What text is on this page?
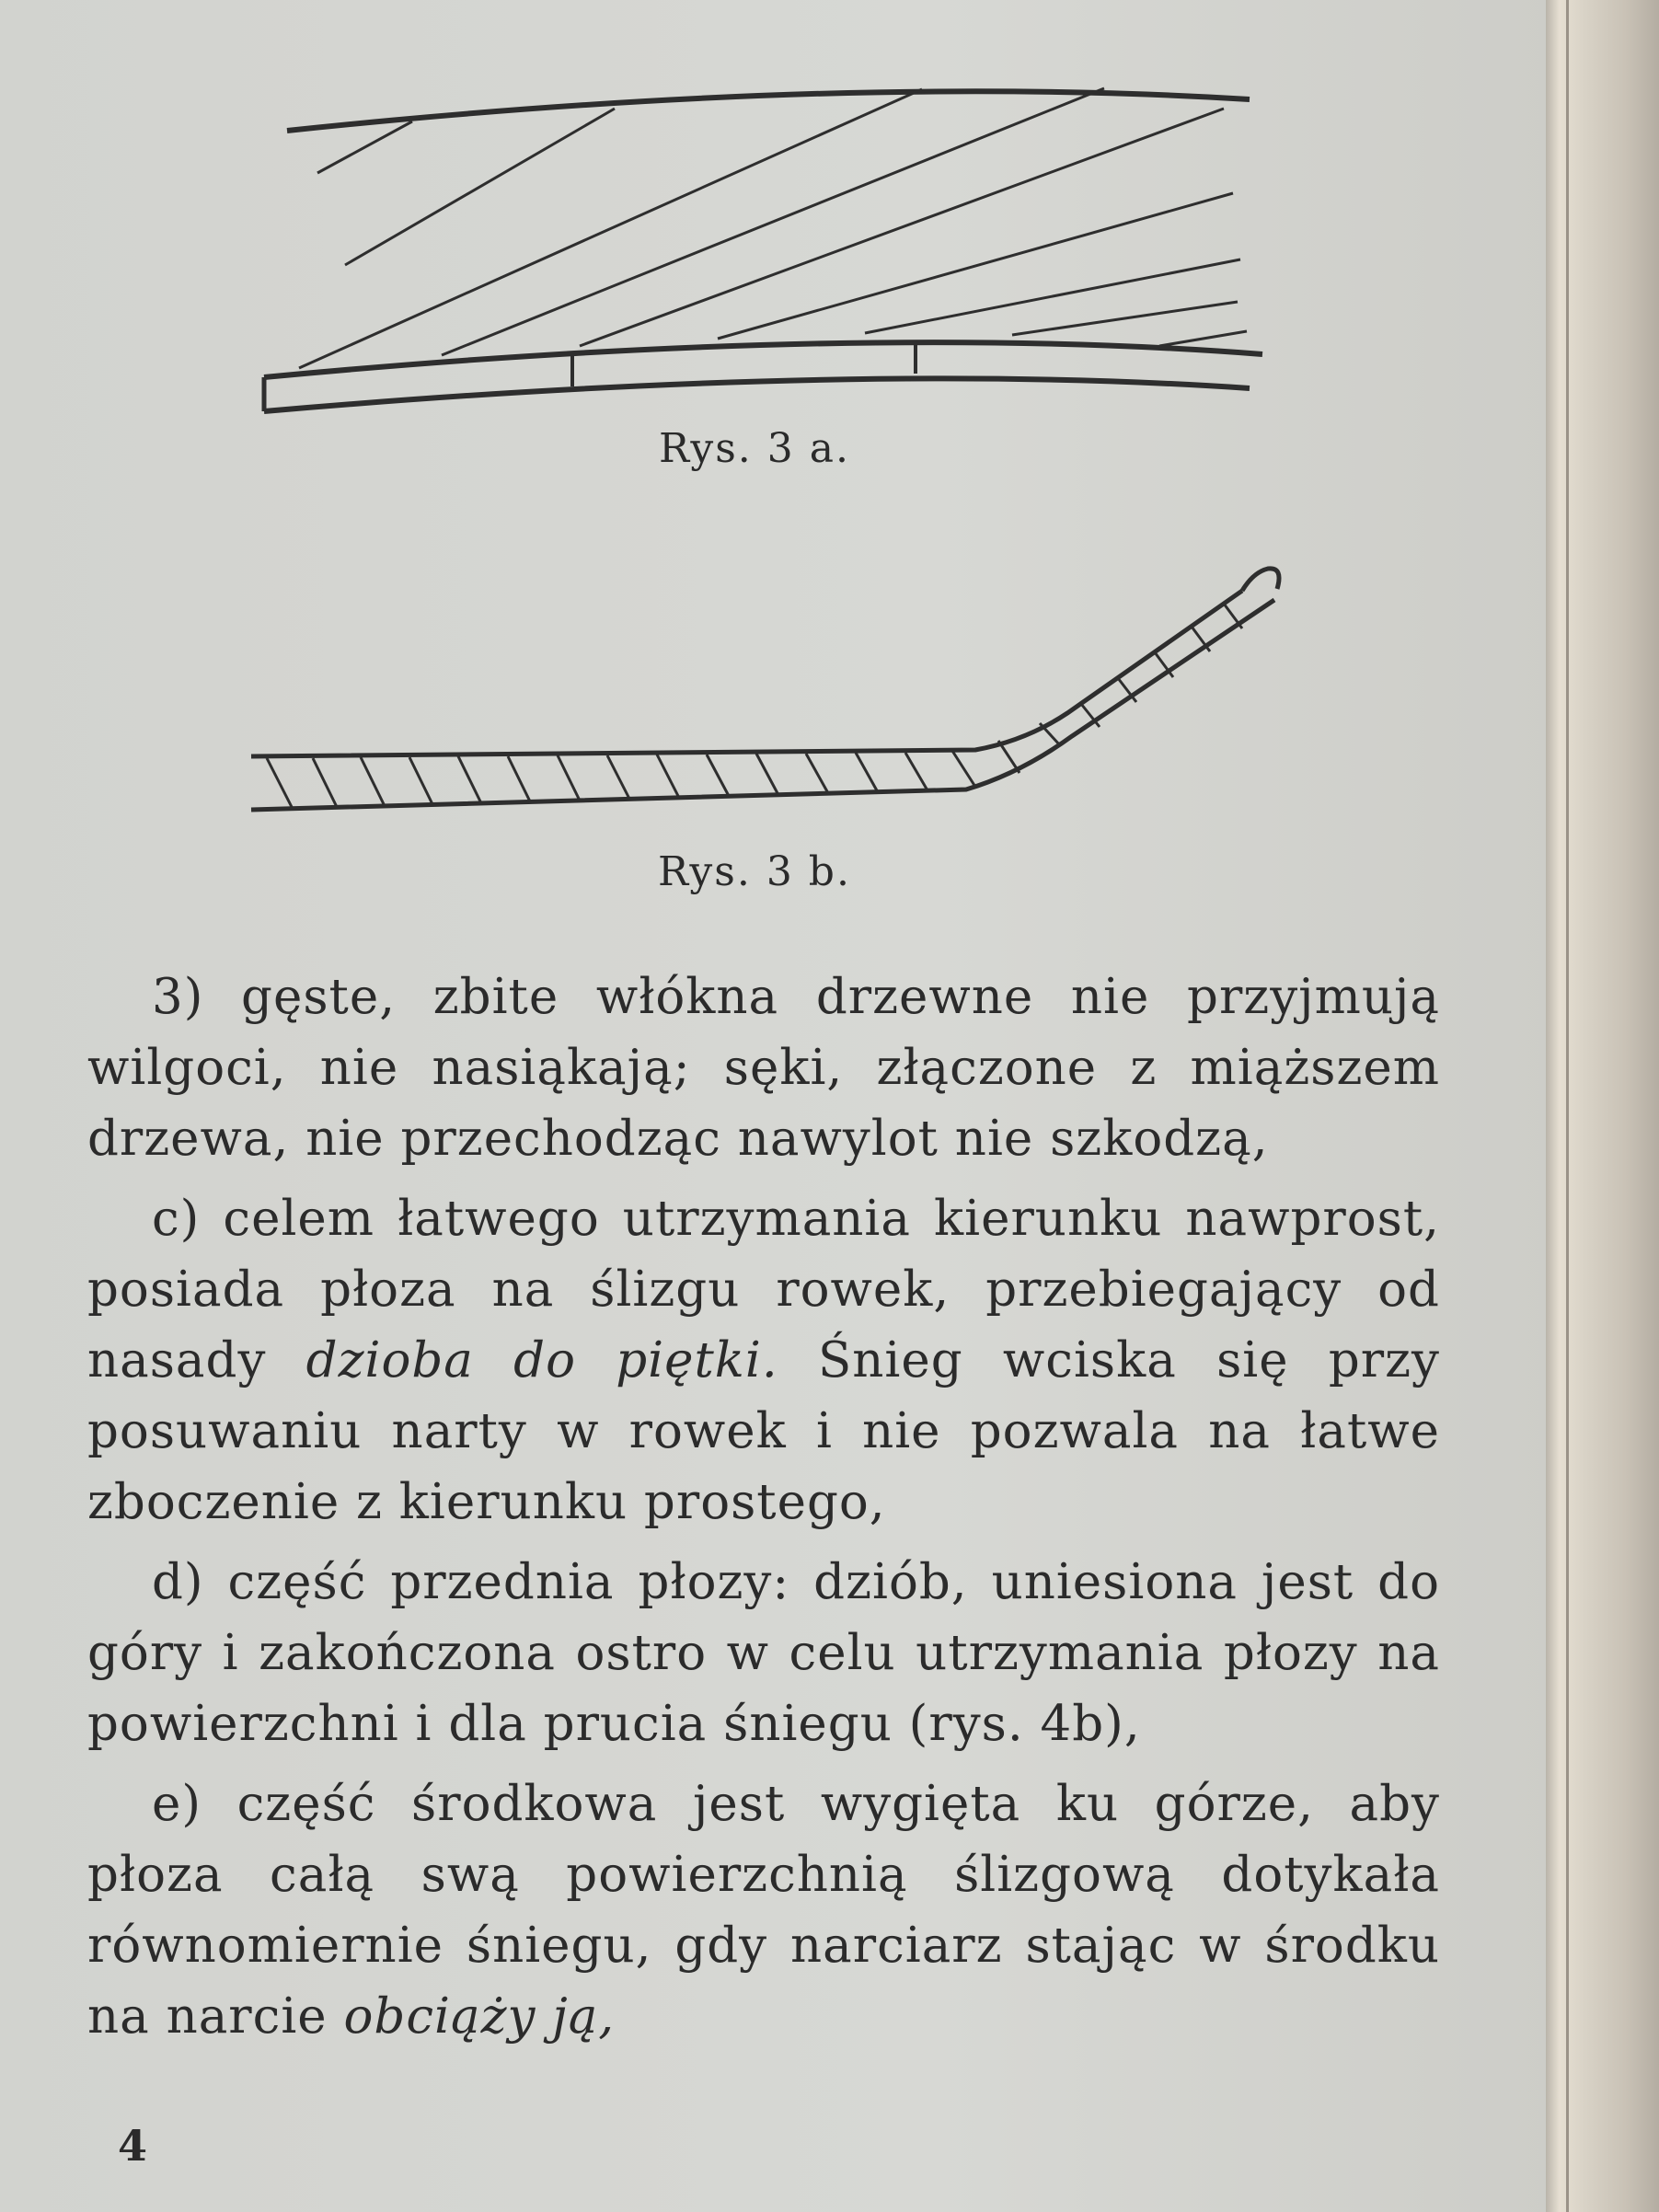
Rys. 3 a.
Rys. 3 b.

3) gęste, zbite włókna drzewne nie przyjmują wilgoci, nie nasiąkają; sęki, złączone z miąższem drzewa, nie przechodząc nawylot nie szkodzą,

c) celem łatwego utrzymania kierunku nawprost, posiada płoza na ślizgu rowek, przebiegający od nasady dzioba do piętki. Śnieg wciska się przy posuwaniu narty w rowek i nie pozwala na łatwe zboczenie z kierunku prostego,

d) część przednia płozy: dziób, uniesiona jest do góry i zakończona ostro w celu utrzymania płozy na powierzchni i dla prucia śniegu (rys. 4b),

e) część środkowa jest wygięta ku górze, aby płoza całą swą powierzchnią ślizgową dotykała równomiernie śniegu, gdy narciarz stając w środku na narcie obciąży ją,

4
